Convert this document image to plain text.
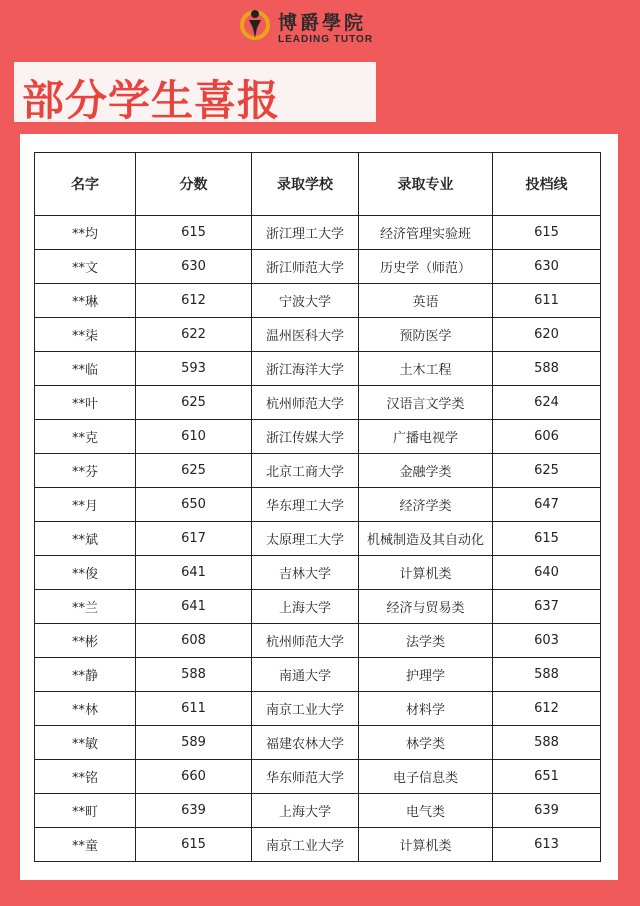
博爵學院
LEADING TUTOR
部分学生喜报
名字	分数	录取学校	录取专业	投档线
**均	615	浙江理工大学	经济管理实验班	615
**文	630	浙江师范大学	历史学（师范）	630
**琳	612	宁波大学	英语	611
**柒	622	温州医科大学	预防医学	620
**临	593	浙江海洋大学	土木工程	588
**叶	625	杭州师范大学	汉语言文学类	624
**克	610	浙江传媒大学	广播电视学	606
**芬	625	北京工商大学	金融学类	625
**月	650	华东理工大学	经济学类	647
**斌	617	太原理工大学	机械制造及其自动化	615
**俊	641	吉林大学	计算机类	640
**兰	641	上海大学	经济与贸易类	637
**彬	608	杭州师范大学	法学类	603
**静	588	南通大学	护理学	588
**林	611	南京工业大学	材料学	612
**敏	589	福建农林大学	林学类	588
**铭	660	华东师范大学	电子信息类	651
**町	639	上海大学	电气类	639
**童	615	南京工业大学	计算机类	613
